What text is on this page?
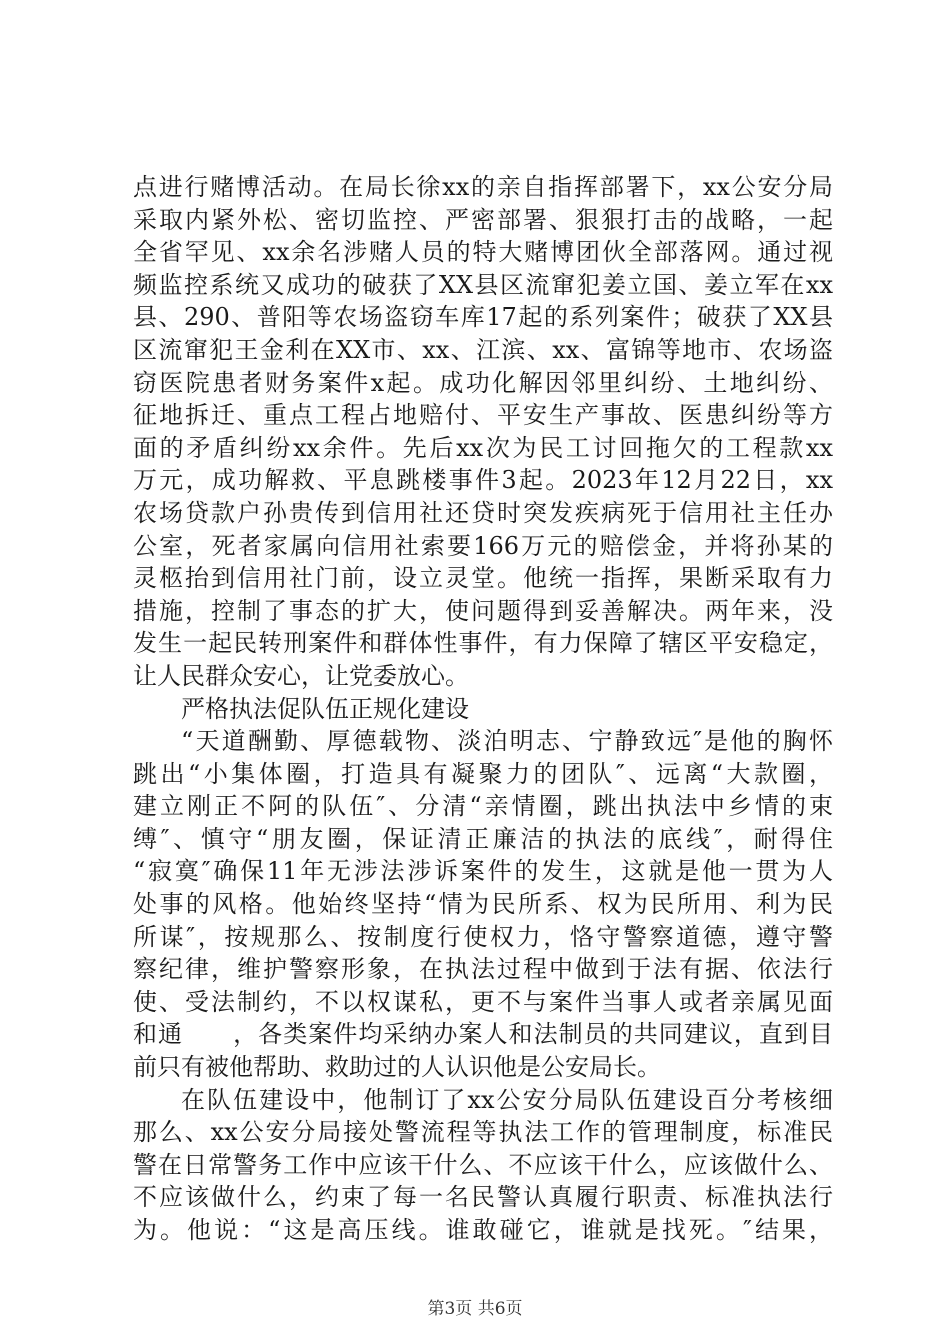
点进行赌博活动。在局长徐xx的亲自指挥部署下，xx公安分局
采取内紧外松、密切监控、严密部署、狠狠打击的战略，一起
全省罕见、xx余名涉赌人员的特大赌博团伙全部落网。通过视
频监控系统又成功的破获了XX县区流窜犯姜立国、姜立军在xx
县、290、普阳等农场盗窃车库17起的系列案件；破获了XX县
区流窜犯王金利在XX市、xx、江滨、xx、富锦等地市、农场盗
窃医院患者财务案件x起。成功化解因邻里纠纷、土地纠纷、
征地拆迁、重点工程占地赔付、平安生产事故、医患纠纷等方
面的矛盾纠纷xx余件。先后xx次为民工讨回拖欠的工程款xx
万元，成功解救、平息跳楼事件3起。2023年12月22日，xx
农场贷款户孙贵传到信用社还贷时突发疾病死于信用社主任办
公室，死者家属向信用社索要166万元的赔偿金，并将孙某的
灵柩抬到信用社门前，设立灵堂。他统一指挥，果断采取有力
措施，控制了事态的扩大，使问题得到妥善解决。两年来，没
发生一起民转刑案件和群体性事件，有力保障了辖区平安稳定，
让人民群众安心，让党委放心。
严格执法促队伍正规化建设
“天道酬勤、厚德载物、淡泊明志、宁静致远″是他的胸怀
跳出“小集体圈，打造具有凝聚力的团队″、远离“大款圈，
建立刚正不阿的队伍″、分清“亲情圈，跳出执法中乡情的束
缚″、慎守“朋友圈，保证清正廉洁的执法的底线″，耐得住
“寂寞″确保11年无涉法涉诉案件的发生，这就是他一贯为人
处事的风格。他始终坚持“情为民所系、权为民所用、利为民
所谋″，按规那么、按制度行使权力，恪守警察道德，遵守警
察纪律，维护警察形象，在执法过程中做到于法有据、依法行
使、受法制约，不以权谋私，更不与案件当事人或者亲属见面
和通　　，各类案件均采纳办案人和法制员的共同建议，直到目
前只有被他帮助、救助过的人认识他是公安局长。
在队伍建设中，他制订了xx公安分局队伍建设百分考核细
那么、xx公安分局接处警流程等执法工作的管理制度，标准民
警在日常警务工作中应该干什么、不应该干什么，应该做什么、
不应该做什么，约束了每一名民警认真履行职责、标准执法行
为。他说：“这是高压线。谁敢碰它，谁就是找死。″结果，
第3页 共6页
